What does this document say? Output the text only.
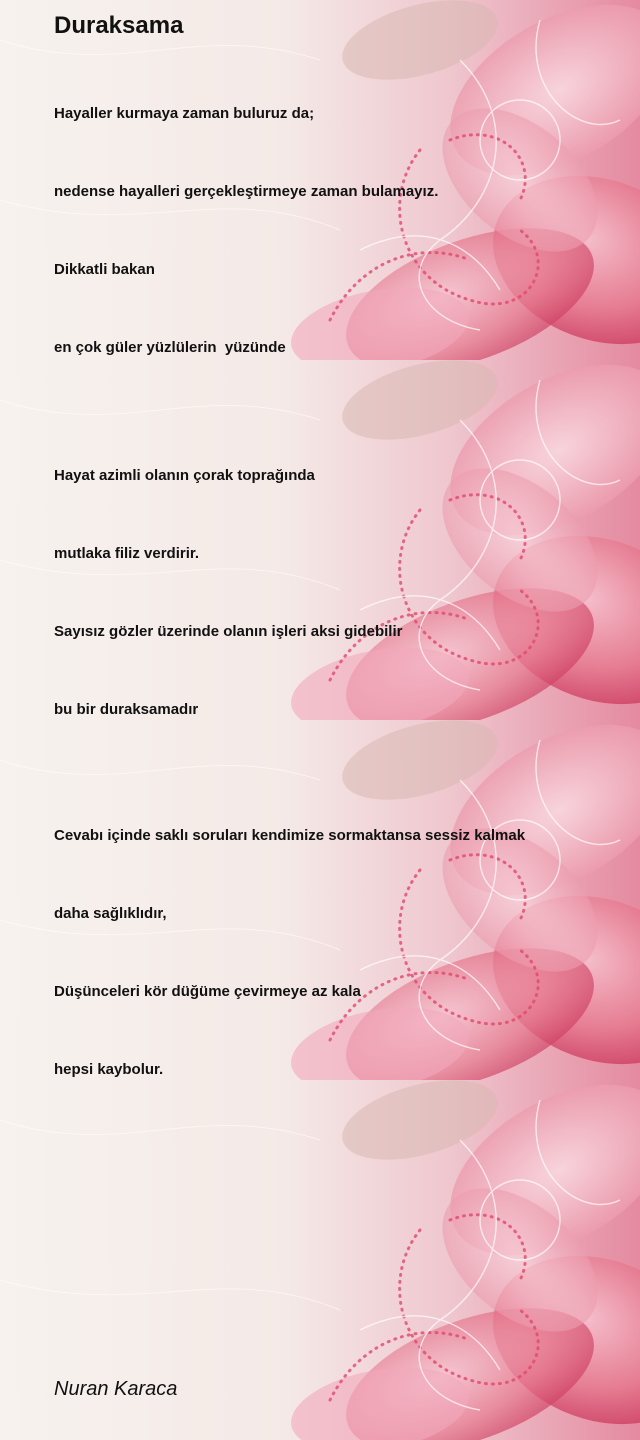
Duraksama

Hayaller kurmaya zaman buluruz da;

nedense hayalleri gerçekleştirmeye zaman bulamayız.

Dikkatli bakan

en çok güler yüzlülerin  yüzünde

Hayat azimli olanın çorak toprağında

mutlaka filiz verdirir.

Sayısız gözler üzerinde olanın işleri aksi gidebilir

bu bir duraksamadır

Cevabı içinde saklı soruları kendimize sormaktansa sessiz kalmak

daha sağlıklıdır,

Düşünceleri kör düğüme çevirmeye az kala

hepsi kaybolur.

Nuran Karaca
